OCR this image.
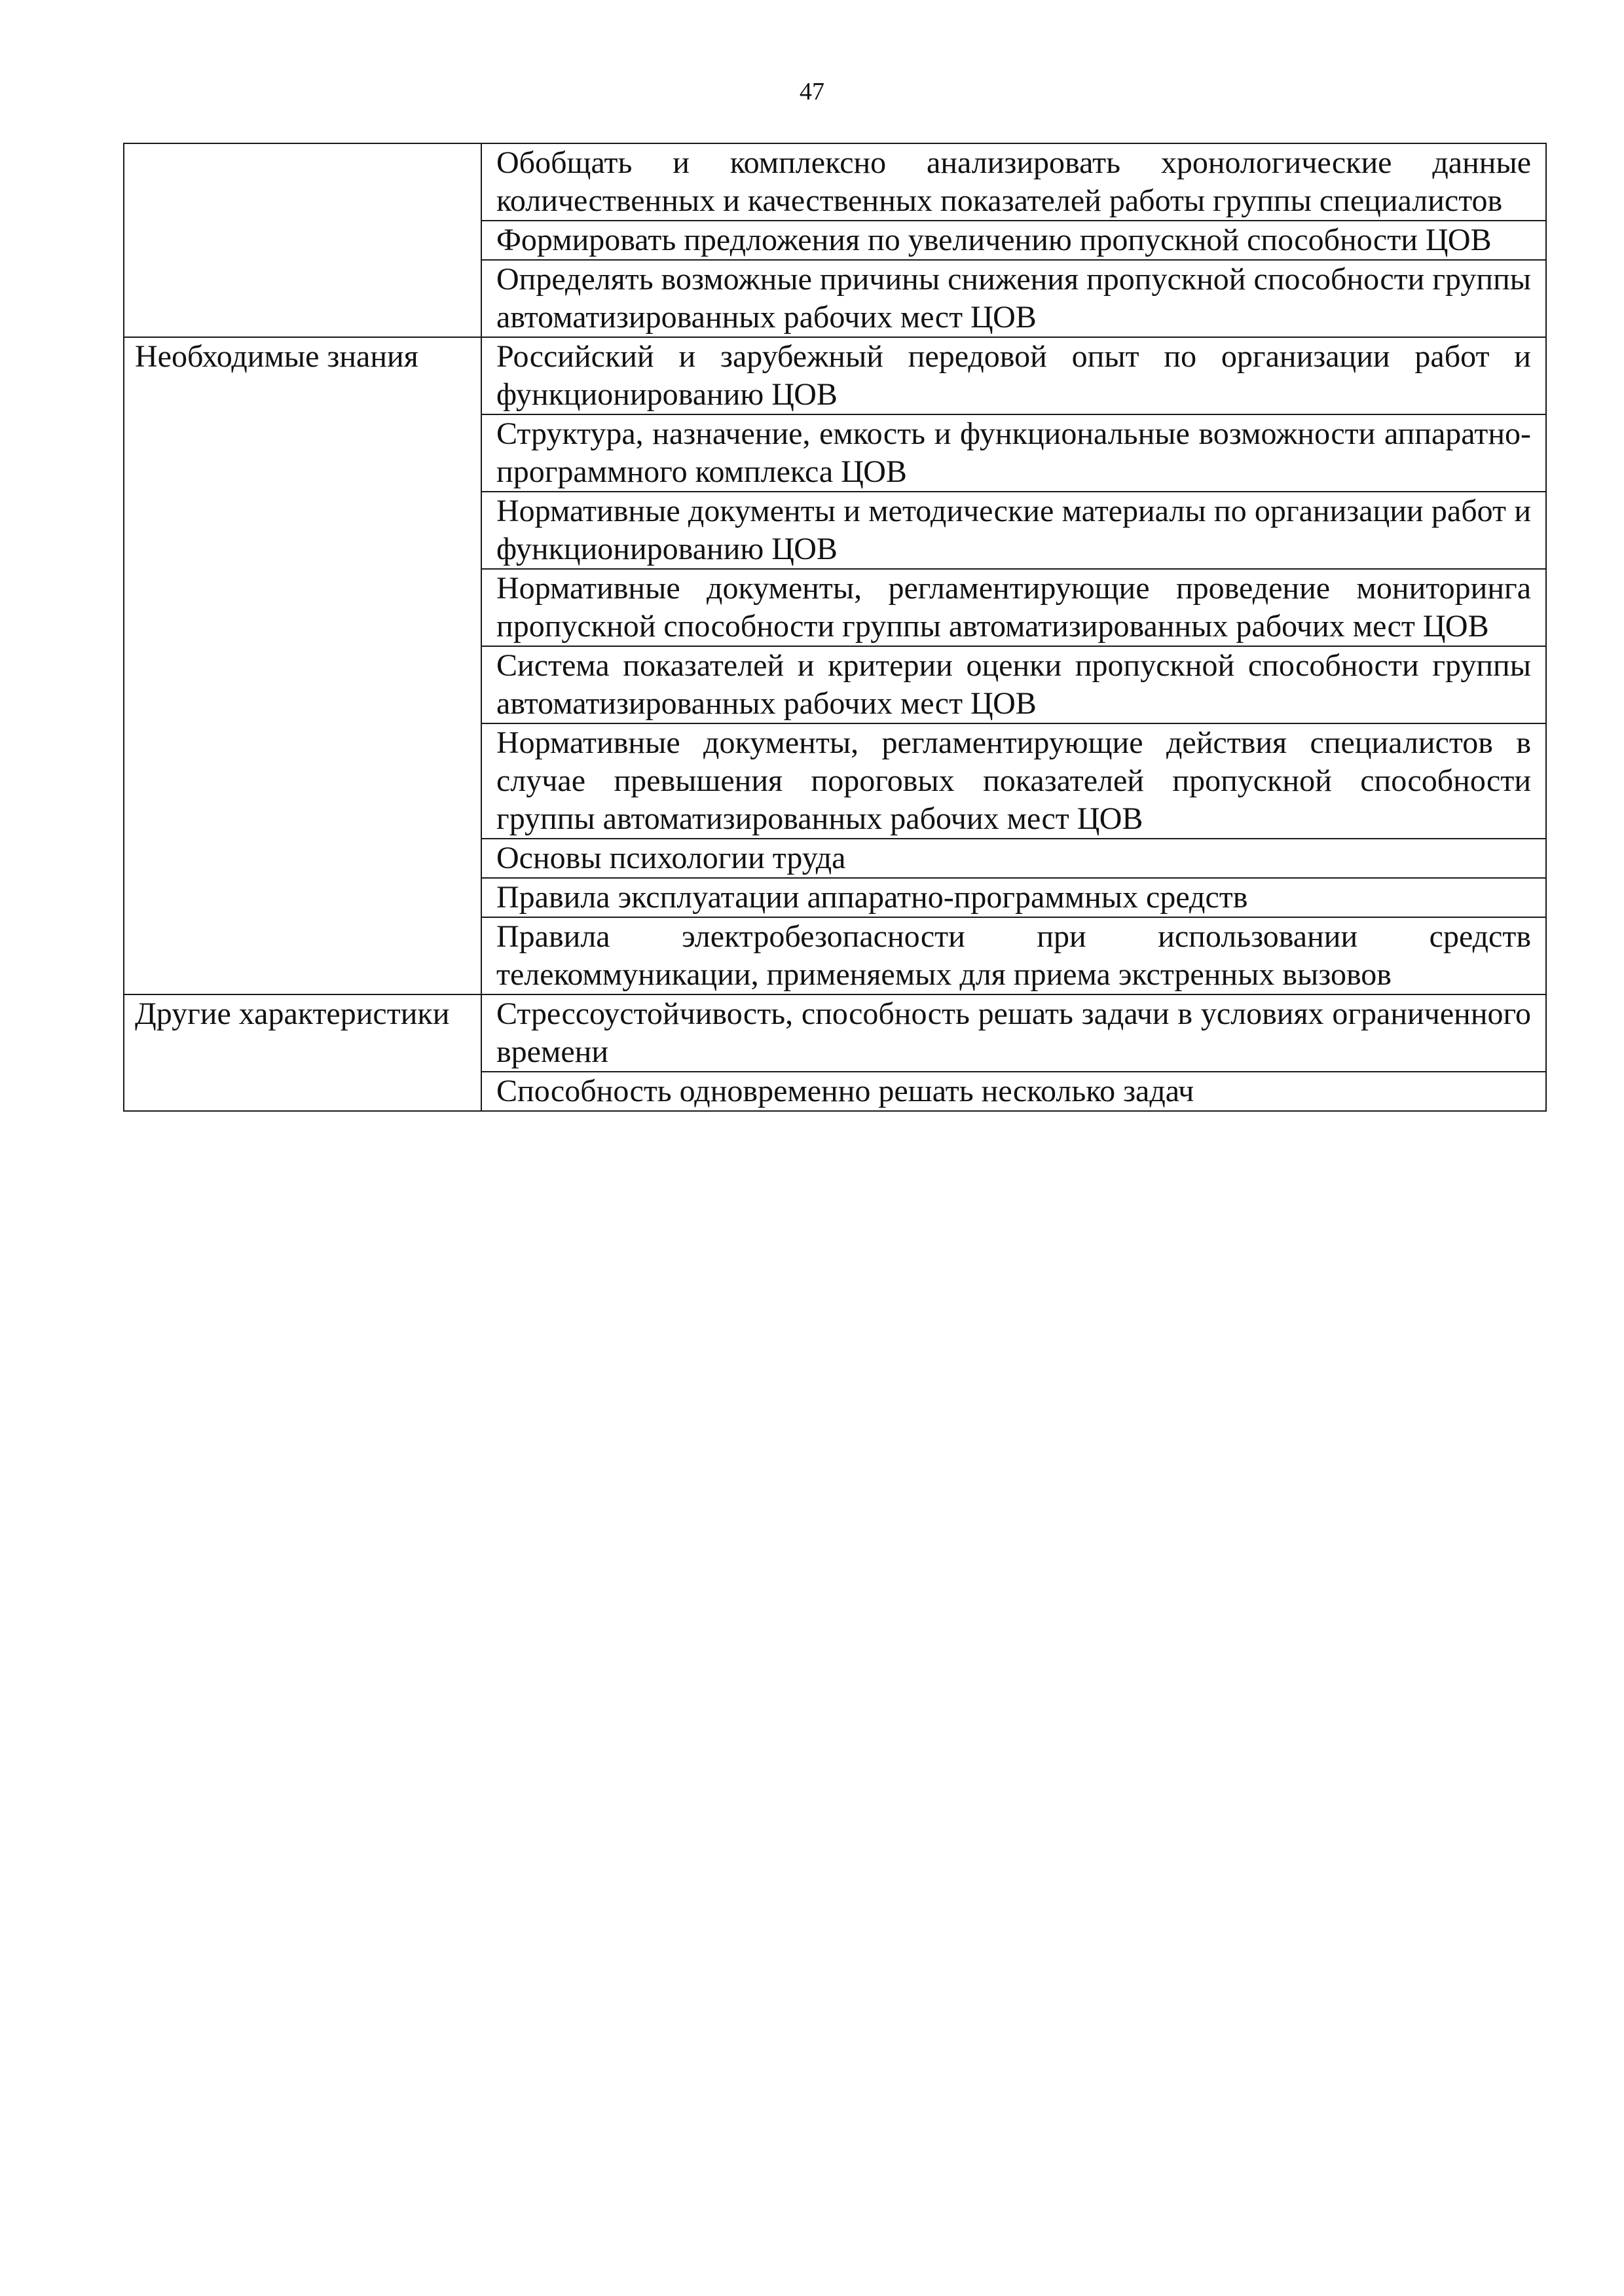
47
	Обобщать и комплексно анализировать хронологические данные количественных и качественных показателей работы группы специалистов
	Формировать предложения по увеличению пропускной способности ЦОВ
	Определять возможные причины снижения пропускной способности группы автоматизированных рабочих мест ЦОВ
Необходимые знания	Российский и зарубежный передовой опыт по организации работ и функционированию ЦОВ
	Структура, назначение, емкость и функциональные возможности аппаратно-программного комплекса ЦОВ
	Нормативные документы и методические материалы по организации работ и функционированию ЦОВ
	Нормативные документы, регламентирующие проведение мониторинга пропускной способности группы автоматизированных рабочих мест ЦОВ
	Система показателей и критерии оценки пропускной способности группы автоматизированных рабочих мест ЦОВ
	Нормативные документы, регламентирующие действия специалистов в случае превышения пороговых показателей пропускной способности группы автоматизированных рабочих мест ЦОВ
	Основы психологии труда
	Правила эксплуатации аппаратно-программных средств
	Правила электробезопасности при использовании средств телекоммуникации, применяемых для приема экстренных вызовов
Другие характеристики	Стрессоустойчивость, способность решать задачи в условиях ограниченного времени
	Способность одновременно решать несколько задач
